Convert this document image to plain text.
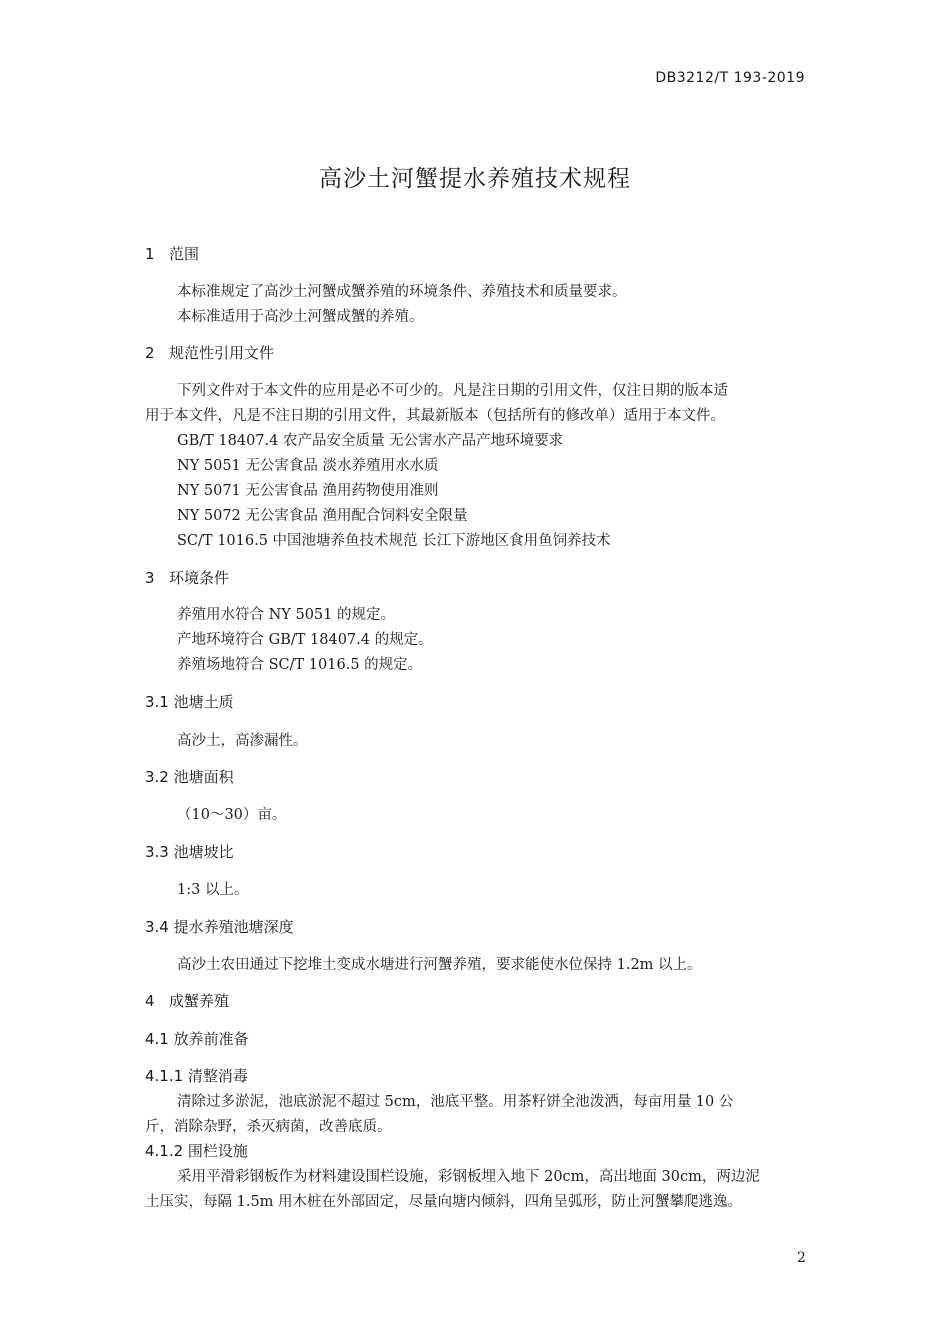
DB3212/T 193-2019
高沙土河蟹提水养殖技术规程
1 范围
本标准规定了高沙土河蟹成蟹养殖的环境条件、养殖技术和质量要求。
本标准适用于高沙土河蟹成蟹的养殖。
2 规范性引用文件
下列文件对于本文件的应用是必不可少的。凡是注日期的引用文件，仅注日期的版本适
用于本文件，凡是不注日期的引用文件，其最新版本（包括所有的修改单）适用于本文件。
GB/T 18407.4 农产品安全质量 无公害水产品产地环境要求
NY 5051 无公害食品 淡水养殖用水水质
NY 5071 无公害食品 渔用药物使用准则
NY 5072 无公害食品 渔用配合饲料安全限量
SC/T 1016.5 中国池塘养鱼技术规范 长江下游地区食用鱼饲养技术
3 环境条件
养殖用水符合 NY 5051 的规定。
产地环境符合 GB/T 18407.4 的规定。
养殖场地符合 SC/T 1016.5 的规定。
3.1 池塘土质
高沙土，高渗漏性。
3.2 池塘面积
（10～30）亩。
3.3 池塘坡比
1:3 以上。
3.4 提水养殖池塘深度
高沙土农田通过下挖堆土变成水塘进行河蟹养殖，要求能使水位保持 1.2m 以上。
4 成蟹养殖
4.1 放养前准备
4.1.1 清整消毒
清除过多淤泥，池底淤泥不超过 5cm，池底平整。用茶籽饼全池泼洒，每亩用量 10 公
斤，消除杂野，杀灭病菌，改善底质。
4.1.2 围栏设施
采用平滑彩钢板作为材料建设围栏设施，彩钢板埋入地下 20cm，高出地面 30cm，两边泥
土压实，每隔 1.5m 用木桩在外部固定，尽量向塘内倾斜，四角呈弧形，防止河蟹攀爬逃逸。
2
